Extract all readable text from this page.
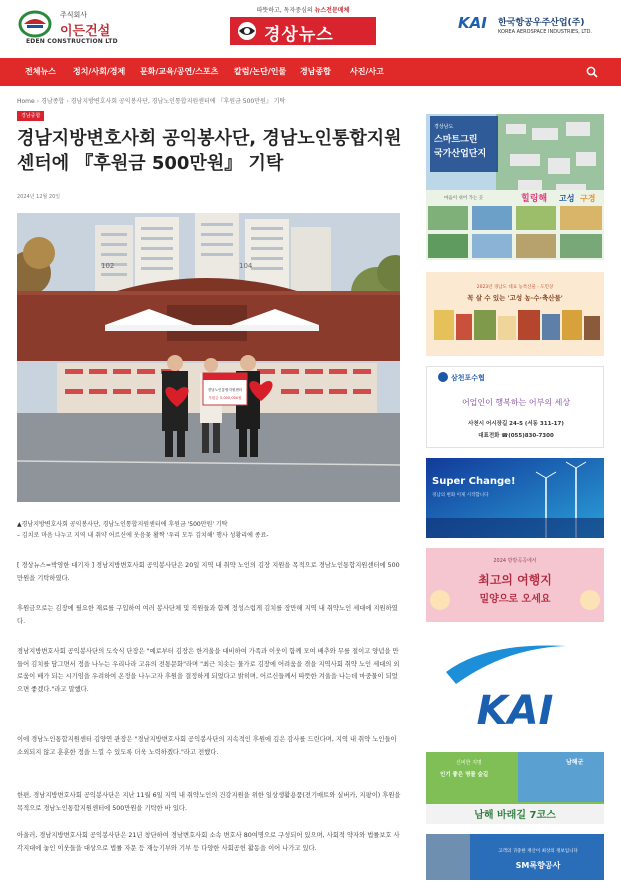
주식회사
이든건설
EDEN CONSTRUCTION LTD
따뜻하고, 독자중심의 뉴스전문매체
경상뉴스
KAI 한국항공우주산업(주)
KOREA AEROSPACE INDUSTRIES, LTD.
전체뉴스 정치/사회/경제 문화/교육/공연/스포츠 칼럼/논단/인물 경남종합 사진/사고
Home › 경남종합 › 경남지방변호사회 공익봉사단, 경남노인통합지원센터에 『후원금 500만원』 기탁
경남종합
경남지방변호사회 공익봉사단, 경남노인통합지원센터에 『후원금 500만원』 기탁
2024년 12월 20일
102	104
경남노인통합지원센터
후원금 5,000,000원
▲경남지방변호사회 공익봉사단, 경남노인통합지원센터에 후원금 '500만원' 기탁
– 김치로 마음 나누고 지역 내 취약 어르신에 웃음꽃 활짝 '우리 모두 김치해' 행사 성황리에 종료-

[ 경상뉴스=박영한 대기자 ] 경남지방변호사회 공익봉사단은 20일 지역 내 취약 노인의 김장 지원을 목적으로 경남노인통합지원센터에 500만원을 기탁하였다.

후원금으로는 김장에 필요한 재료를 구입하여 여러 봉사단체 및 직원들과 함께 정성스럽게 김치를 장만해 지역 내 취약노인 세대에 지원하였다.

경남지방변호사회 공익봉사단의 도숙식 단장은 "예로부터 김장은 한겨울을 대비하여 가족과 이웃이 함께 모여 배추와 무를 절이고 양념을 만들어 김치를 담그면서 정을 나누는 우리나라 고유의 전통문화"라며 "최근 치솟는 물가로 김장에 어려움을 겪을 지역사회 취약 노인 세대의 외로움이 배가 되는 시기임을 우려하여 온정을 나누고자 후원을 결정하게 되었다고 밝히며, 어르신들께서 따뜻한 겨울을 나는데 마중물이 되었으면 좋겠다."라고 말했다.

이에 경남노인통합지원센터 김양연 관장은 "경남지방변호사회 공익봉사단의 지속적인 후원에 깊은 감사를 드린다며, 지역 내 취약 노인들이 소외되지 않고 훈훈한 정을 느낄 수 있도록 더욱 노력하겠다."라고 전했다.

한편, 경남지방변호사회 공익봉사단은 지난 11월 6일 지역 내 취약노인의 건강지원을 위한 일상생활용품(전기매트와 실버카, 지팡이) 후원을 목적으로 경남노인통합지원센터에 500만원을 기탁한 바 있다.

아울러, 경남지방변호사회 공익봉사단은 21년 창단하여 경남변호사회 소속 변호사 80여명으로 구성되어 있으며, 사회적 약자와 법률보호 사각지대에 놓인 이웃들을 대상으로 법률 자문 등 재능기부와 기부 등 다양한 사회공헌 활동을 이어 나가고 있다.

경상남도
스마트그린
국가산업단지
마음이 쉬어 가는 곳	힐링해 고성 구경
2023년 경남도 대표 농특산물 · 도민상
꼭 살 수 있는 '고성 농·수·축산물'
삼천포수협
어업인이 행복하는 어부의 세상
사천시 어시장길 24-5 (서동 311-17)
대표전화 ☎(055)830-7300
Super Change!
경남의 변화 이제 시작합니다
2024 방방곡곡에서
최고의 여행지
밀양으로 오세요
KAI
신비한 지명
인기 좋은 명물 숲길
남해군
남해 바래길 7코스
고객의 귀중한 재산이 최상의 정보입니다
SM록향공사
